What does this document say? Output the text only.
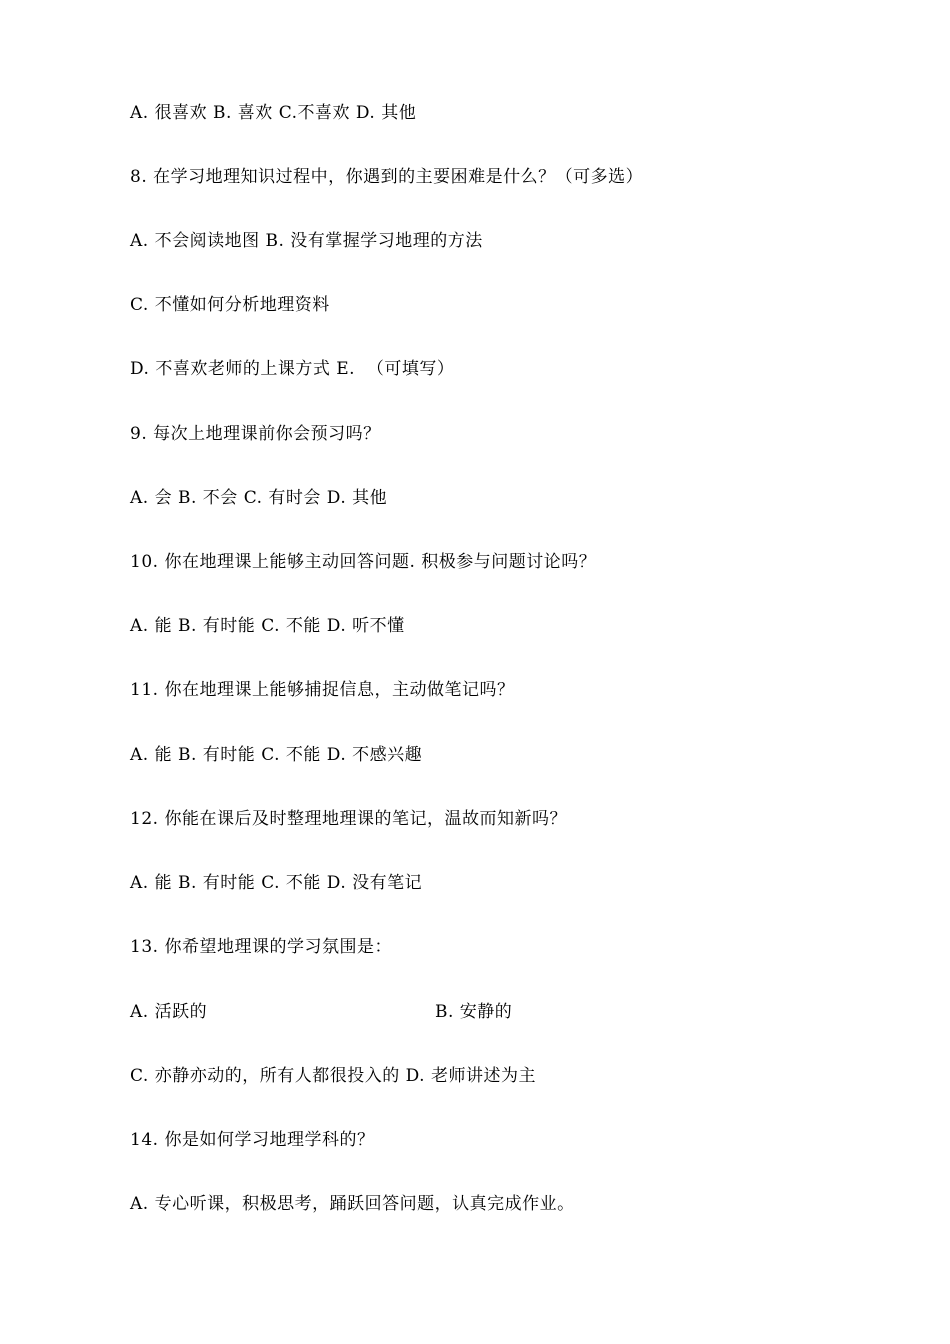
A. 很喜欢 B. 喜欢 C.不喜欢 D. 其他
8. 在学习地理知识过程中，你遇到的主要困难是什么？（可多选）
A. 不会阅读地图 B. 没有掌握学习地理的方法
C. 不懂如何分析地理资料
D. 不喜欢老师的上课方式 E.  （可填写）
9. 每次上地理课前你会预习吗？
A. 会 B. 不会 C. 有时会 D. 其他
10. 你在地理课上能够主动回答问题. 积极参与问题讨论吗？
A. 能 B. 有时能 C. 不能 D. 听不懂
11. 你在地理课上能够捕捉信息，主动做笔记吗？
A. 能 B. 有时能 C. 不能 D. 不感兴趣
12. 你能在课后及时整理地理课的笔记，温故而知新吗？
A. 能 B. 有时能 C. 不能 D. 没有笔记
13. 你希望地理课的学习氛围是：
A. 活跃的	B. 安静的
C. 亦静亦动的，所有人都很投入的 D. 老师讲述为主
14. 你是如何学习地理学科的？
A. 专心听课，积极思考，踊跃回答问题，认真完成作业。
